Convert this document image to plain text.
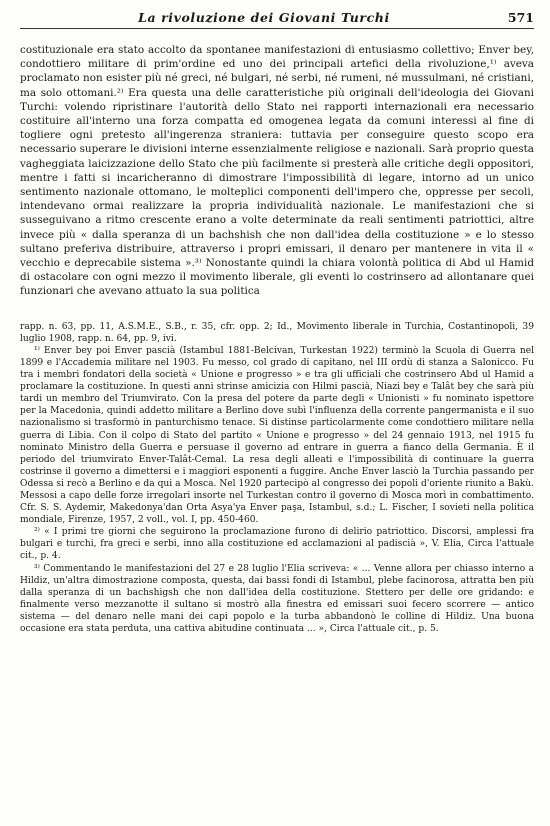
La rivoluzione dei Giovani Turchi	571

costituzionale era stato accolto da spontanee manifestazioni di entusiasmo collettivo; Enver bey, condottiero militare di prim'ordine ed uno dei principali artefici della rivoluzione,¹⁾ aveva proclamato non esister più né greci, né bulgari, né serbi, né rumeni, né mussulmani, né cristiani, ma solo ottomani.²⁾ Era questa una delle caratteristiche più originali dell'ideologia dei Giovani Turchi: volendo ripristinare l'autorità dello Stato nei rapporti internazionali era necessario costituire all'interno una forza compatta ed omogenea legata da comuni interessi al fine di togliere ogni pretesto all'ingerenza straniera: tuttavia per conseguire questo scopo era necessario superare le divisioni interne essenzialmente religiose e nazionali. Sarà proprio questa vagheggiata laicizzazione dello Stato che più facilmente si presterà alle critiche degli oppositori, mentre i fatti si incaricheranno di dimostrare l'impossibilità di legare, intorno ad un unico sentimento nazionale ottomano, le molteplici componenti dell'impero che, oppresse per secoli, intendevano ormai realizzare la propria individualità nazionale. Le manifestazioni che si susseguivano a ritmo crescente erano a volte determinate da reali sentimenti patriottici, altre invece più « dalla speranza di un bachshish che non dall'idea della costituzione » e lo stesso sultano preferiva distribuire, attraverso i propri emissari, il denaro per mantenere in vita il « vecchio e deprecabile sistema ».³⁾ Nonostante quindi la chiara volontà politica di Abd ul Hamid di ostacolare con ogni mezzo il movimento liberale, gli eventi lo costrinsero ad allontanare quei funzionari che avevano attuato la sua politica

rapp. n. 63, pp. 11, A.S.M.E., S.B., r. 35, cfr. opp. 2; Id., Movimento liberale in Turchia, Costantinopoli, 39 luglio 1908, rapp. n. 64, pp. 9, ivi.

¹⁾ Enver bey poi Enver pascià (Istambul 1881-Belcivan, Turkestan 1922) terminò la Scuola di Guerra nel 1899 e l'Accademia militare nel 1903. Fu messo, col grado di capitano, nel III ordù di stanza a Salonicco. Fu tra i membri fondatori della società « Unione e progresso » e tra gli ufficiali che costrinsero Abd ul Hamid a proclamare la costituzione. In questi anni strinse amicizia con Hilmi pascià, Niazi bey e Talât bey che sarà più tardi un membro del Triumvirato. Con la presa del potere da parte degli « Unionisti » fu nominato ispettore per la Macedonia, quindi addetto militare a Berlino dove subì l'influenza della corrente pangermanista e il suo nazionalismo si trasformò in panturchismo tenace. Si distinse particolarmente come condottiero militare nella guerra di Libia. Con il colpo di Stato del partito « Unione e progresso » del 24 gennaio 1913, nel 1915 fu nominato Ministro della Guerra e persuase il governo ad entrare in guerra a fianco della Germania. È il periodo del triumvirato Enver-Talât-Cemal. La resa degli alleati e l'impossibilità di continuare la guerra costrinse il governo a dimettersi e i maggiori esponenti a fuggire. Anche Enver lasciò la Turchia passando per Odessa si recò a Berlino e da qui a Mosca. Nel 1920 partecipò al congresso dei popoli d'oriente riunito a Bakù. Messosi a capo delle forze irregolari insorte nel Turkestan contro il governo di Mosca morì in combattimento. Cfr. S. S. Aydemir, Makedonya'dan Orta Asya'ya Enver paşa, Istambul, s.d.; L. Fischer, I sovieti nella politica mondiale, Firenze, 1957, 2 voll., vol. I, pp. 450-460.

²⁾ « I primi tre giorni che seguirono la proclamazione furono di delirio patriottico. Discorsi, amplessi fra bulgari e turchi, fra greci e serbi, inno alla costituzione ed acclamazioni al padiscià », V. Elia, Circa l'attuale cit., p. 4.

³⁾ Commentando le manifestazioni del 27 e 28 luglio l'Elia scriveva: « ... Venne allora per chiasso interno a Hildiz, un'altra dimostrazione composta, questa, dai bassi fondi di Istambul, plebe facinorosa, attratta ben più dalla speranza di un bachshigsh che non dall'idea della costituzione. Stettero per delle ore gridando: e finalmente verso mezzanotte il sultano si mostrò alla finestra ed emissari suoi fecero scorrere — antico sistema — del denaro nelle mani dei capi popolo e la turba abbandonò le colline di Hildiz. Una buona occasione era stata perduta, una cattiva abitudine continuata ... », Circa l'attuale cit., p. 5.
